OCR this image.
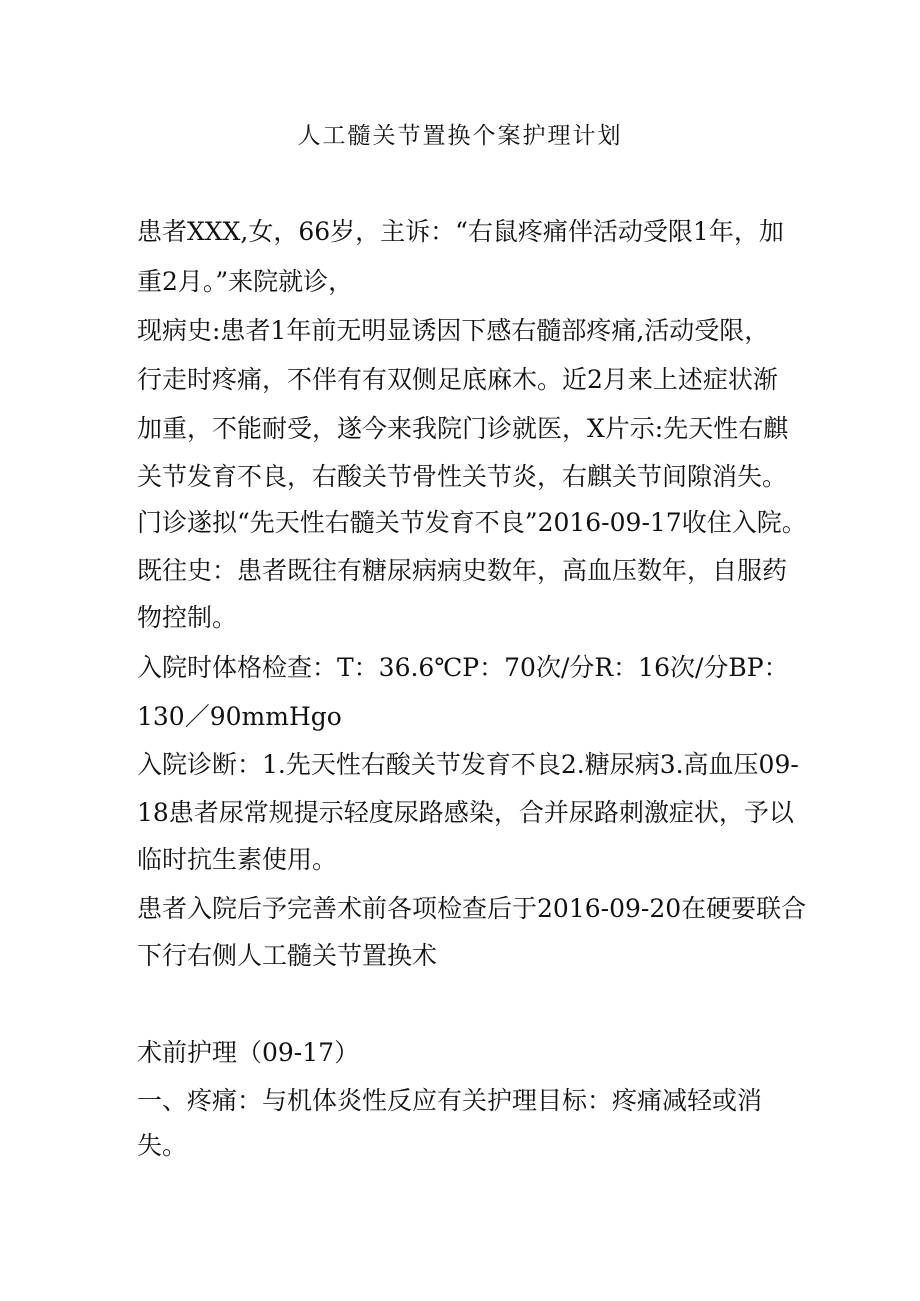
人工髓关节置换个案护理计划
患者XXX,女，66岁，主诉：“右鼠疼痛伴活动受限1年，加
重2月。”来院就诊，
现病史:患者1年前无明显诱因下感右髓部疼痛,活动受限，
行走时疼痛，不伴有有双侧足底麻木。近2月来上述症状渐
加重，不能耐受，遂今来我院门诊就医，X片示:先天性右麒
关节发育不良，右酸关节骨性关节炎，右麒关节间隙消失。
门诊遂拟“先天性右髓关节发育不良”2016-09-17收住入院。
既往史：患者既往有糖尿病病史数年，高血压数年，自服药
物控制。
入院时体格检查：T：36.6℃P：70次/分R：16次/分BP：
130／90mmHgo
入院诊断：1.先天性右酸关节发育不良2.糖尿病3.高血压09-
18患者尿常规提示轻度尿路感染，合并尿路刺激症状，予以
临时抗生素使用。
患者入院后予完善术前各项检查后于2016-09-20在硬要联合
下行右侧人工髓关节置换术
术前护理（09-17）
一、疼痛：与机体炎性反应有关护理目标：疼痛减轻或消
失。
